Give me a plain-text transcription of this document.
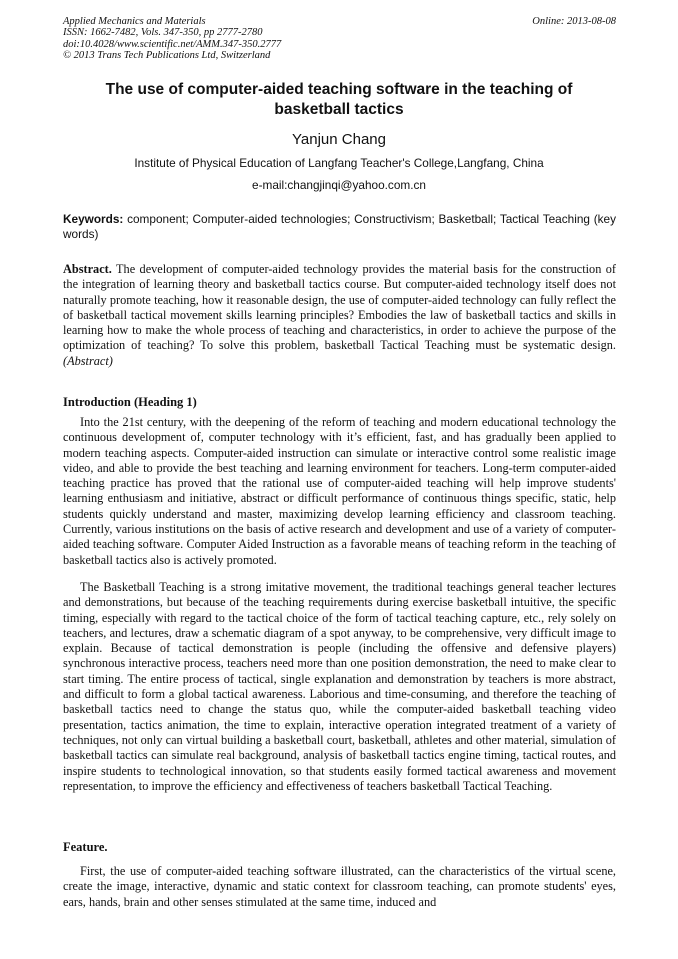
Applied Mechanics and Materials
ISSN: 1662-7482, Vols. 347-350, pp 2777-2780
doi:10.4028/www.scientific.net/AMM.347-350.2777
© 2013 Trans Tech Publications Ltd, Switzerland
Online: 2013-08-08
The use of computer-aided teaching software in the teaching of basketball tactics
Yanjun Chang
Institute of Physical Education of Langfang Teacher's College,Langfang, China
e-mail:changjinqi@yahoo.com.cn
Keywords: component; Computer-aided technologies; Constructivism; Basketball; Tactical Teaching (key words)
Abstract. The development of computer-aided technology provides the material basis for the construction of the integration of learning theory and basketball tactics course. But computer-aided technology itself does not naturally promote teaching, how it reasonable design, the use of computer-aided technology can fully reflect the of basketball tactical movement skills learning principles? Embodies the law of basketball tactics and skills in learning how to make the whole process of teaching and characteristics, in order to achieve the purpose of the optimization of teaching? To solve this problem, basketball Tactical Teaching must be systematic design. (Abstract)
Introduction (Heading 1)

Into the 21st century, with the deepening of the reform of teaching and modern educational technology the continuous development of, computer technology with it’s efficient, fast, and has gradually been applied to modern teaching aspects. Computer-aided instruction can simulate or interactive control some realistic image video, and able to provide the best teaching and learning environment for teachers. Long-term computer-aided teaching practice has proved that the rational use of computer-aided teaching will help improve students' learning enthusiasm and initiative, abstract or difficult performance of continuous things specific, static, help students quickly understand and master, maximizing develop learning efficiency and classroom teaching. Currently, various institutions on the basis of active research and development and use of a variety of computer-aided teaching software. Computer Aided Instruction as a favorable means of teaching reform in the teaching of basketball tactics also is actively promoted.

The Basketball Teaching is a strong imitative movement, the traditional teachings general teacher lectures and demonstrations, but because of the teaching requirements during exercise basketball intuitive, the specific timing, especially with regard to the tactical choice of the form of tactical teaching capture, etc., rely solely on teachers, and lectures, draw a schematic diagram of a spot anyway, to be comprehensive, very difficult image to explain. Because of tactical demonstration is people (including the offensive and defensive players) synchronous interactive process, teachers need more than one position demonstration, the need to make clear to start timing. The entire process of tactical, single explanation and demonstration by teachers is more abstract, and difficult to form a global tactical awareness. Laborious and time-consuming, and therefore the teaching of basketball tactics need to change the status quo, while the computer-aided basketball teaching video presentation, tactics animation, the time to explain, interactive operation integrated treatment of a variety of techniques, not only can virtual building a basketball court, basketball, athletes and other material, simulation of basketball tactics can simulate real background, analysis of basketball tactics engine timing, tactical routes, and inspire students to technological innovation, so that students easily formed tactical awareness and movement representation, to improve the efficiency and effectiveness of teachers basketball Tactical Teaching.

Feature.

First, the use of computer-aided teaching software illustrated, can the characteristics of the virtual scene, create the image, interactive, dynamic and static context for classroom teaching, can promote students' eyes, ears, hands, brain and other senses stimulated at the same time, induced and
